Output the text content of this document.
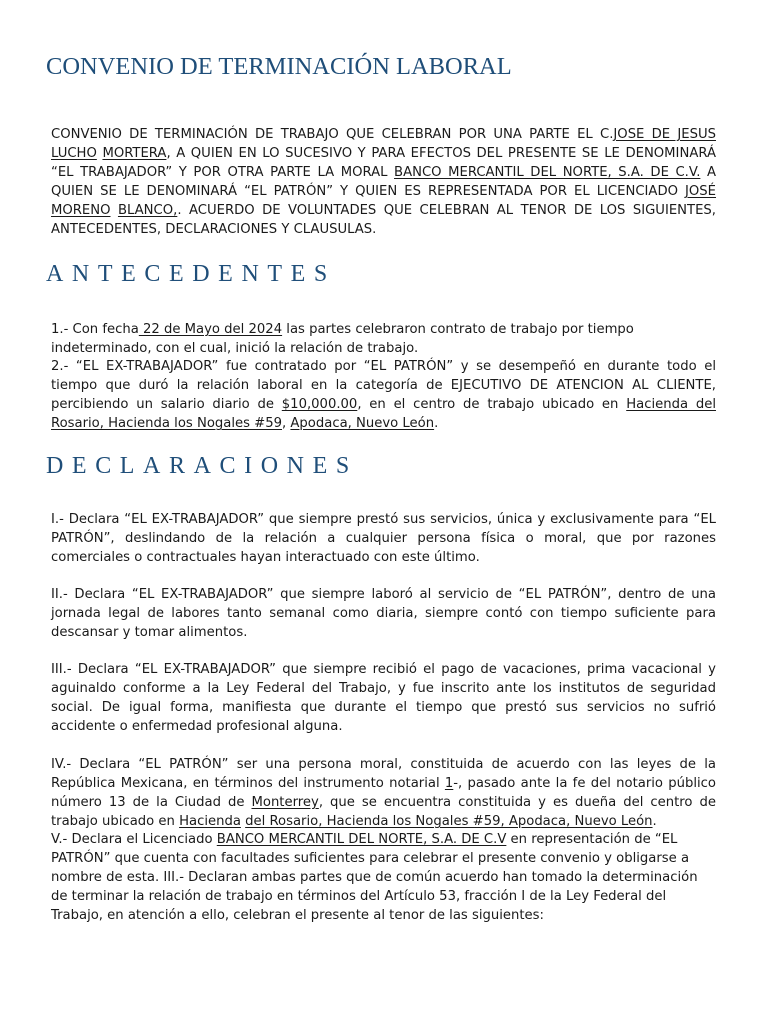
CONVENIO DE TERMINACIÓN LABORAL

CONVENIO DE TERMINACIÓN DE TRABAJO QUE CELEBRAN POR UNA PARTE EL C.JOSE DE JESUS LUCHO MORTERA, A QUIEN EN LO SUCESIVO Y PARA EFECTOS DEL PRESENTE SE LE DENOMINARÁ “EL TRABAJADOR” Y POR OTRA PARTE LA MORAL BANCO MERCANTIL DEL NORTE, S.A. DE C.V. A QUIEN SE LE DENOMINARÁ “EL PATRÓN” Y QUIEN ES REPRESENTADA POR EL LICENCIADO JOSÉ MORENO BLANCO,. ACUERDO DE VOLUNTADES QUE CELEBRAN AL TENOR DE LOS SIGUIENTES, ANTECEDENTES, DECLARACIONES Y CLAUSULAS.

ANTECEDENTES

1.- Con fecha 22 de Mayo del 2024 las partes celebraron contrato de trabajo por tiempo indeterminado, con el cual, inició la relación de trabajo.

2.- “EL EX-TRABAJADOR” fue contratado por “EL PATRÓN” y se desempeñó en durante todo el tiempo que duró la relación laboral en la categoría de EJECUTIVO DE ATENCION AL CLIENTE, percibiendo un salario diario de $10,000.00, en el centro de trabajo ubicado en Hacienda del Rosario, Hacienda los Nogales #59, Apodaca, Nuevo León.

DECLARACIONES

I.- Declara “EL EX-TRABAJADOR” que siempre prestó sus servicios, única y exclusivamente para “EL PATRÓN”, deslindando de la relación a cualquier persona física o moral, que por razones comerciales o contractuales hayan interactuado con este último.

II.- Declara “EL EX-TRABAJADOR” que siempre laboró al servicio de “EL PATRÓN”, dentro de una jornada legal de labores tanto semanal como diaria, siempre contó con tiempo suficiente para descansar y tomar alimentos.

III.- Declara “EL EX-TRABAJADOR” que siempre recibió el pago de vacaciones, prima vacacional y aguinaldo conforme a la Ley Federal del Trabajo, y fue inscrito ante los institutos de seguridad social. De igual forma, manifiesta que durante el tiempo que prestó sus servicios no sufrió accidente o enfermedad profesional alguna.

IV.- Declara “EL PATRÓN” ser una persona moral, constituida de acuerdo con las leyes de la República Mexicana, en términos del instrumento notarial 1-, pasado ante la fe del notario público número 13 de la Ciudad de Monterrey, que se encuentra constituida y es dueña del centro de trabajo ubicado en Hacienda del Rosario, Hacienda los Nogales #59, Apodaca, Nuevo León.

V.- Declara el Licenciado BANCO MERCANTIL DEL NORTE, S.A. DE C.V en representación de “EL PATRÓN” que cuenta con facultades suficientes para celebrar el presente convenio y obligarse a nombre de esta. III.- Declaran ambas partes que de común acuerdo han tomado la determinación de terminar la relación de trabajo en términos del Artículo 53, fracción I de la Ley Federal del Trabajo, en atención a ello, celebran el presente al tenor de las siguientes:
